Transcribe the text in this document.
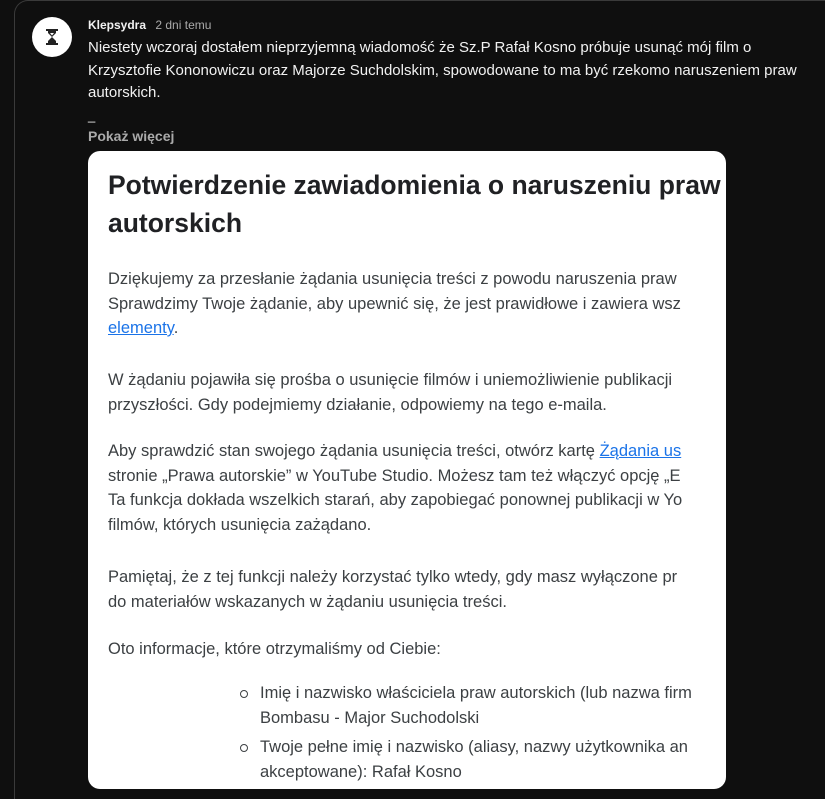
Klepsydra 2 dni temu
Niestety wczoraj dostałem nieprzyjemną wiadomość że Sz.P Rafał Kosno próbuje usunąć mój film o Krzysztofie Kononowiczu oraz Majorze Suchdolskim, spowodowane to ma być rzekomo naruszeniem praw autorskich.
_
Pokaż więcej
Potwierdzenie zawiadomienia o naruszeniu praw
autorskich

Dziękujemy za przesłanie żądania usunięcia treści z powodu naruszenia praw
Sprawdzimy Twoje żądanie, aby upewnić się, że jest prawidłowe i zawiera wsz
elementy.

W żądaniu pojawiła się prośba o usunięcie filmów i uniemożliwienie publikacji
przyszłości. Gdy podejmiemy działanie, odpowiemy na tego e-maila.

Aby sprawdzić stan swojego żądania usunięcia treści, otwórz kartę Żądania us
stronie „Prawa autorskie” w YouTube Studio. Możesz tam też włączyć opcję „E
Ta funkcja dokłada wszelkich starań, aby zapobiegać ponownej publikacji w Yo
filmów, których usunięcia zażądano.

Pamiętaj, że z tej funkcji należy korzystać tylko wtedy, gdy masz wyłączone pr
do materiałów wskazanych w żądaniu usunięcia treści.

Oto informacje, które otrzymaliśmy od Ciebie:

Imię i nazwisko właściciela praw autorskich (lub nazwa firm
Bombasu - Major Suchodolski
Twoje pełne imię i nazwisko (aliasy, nazwy użytkownika an
akceptowane): Rafał Kosno
